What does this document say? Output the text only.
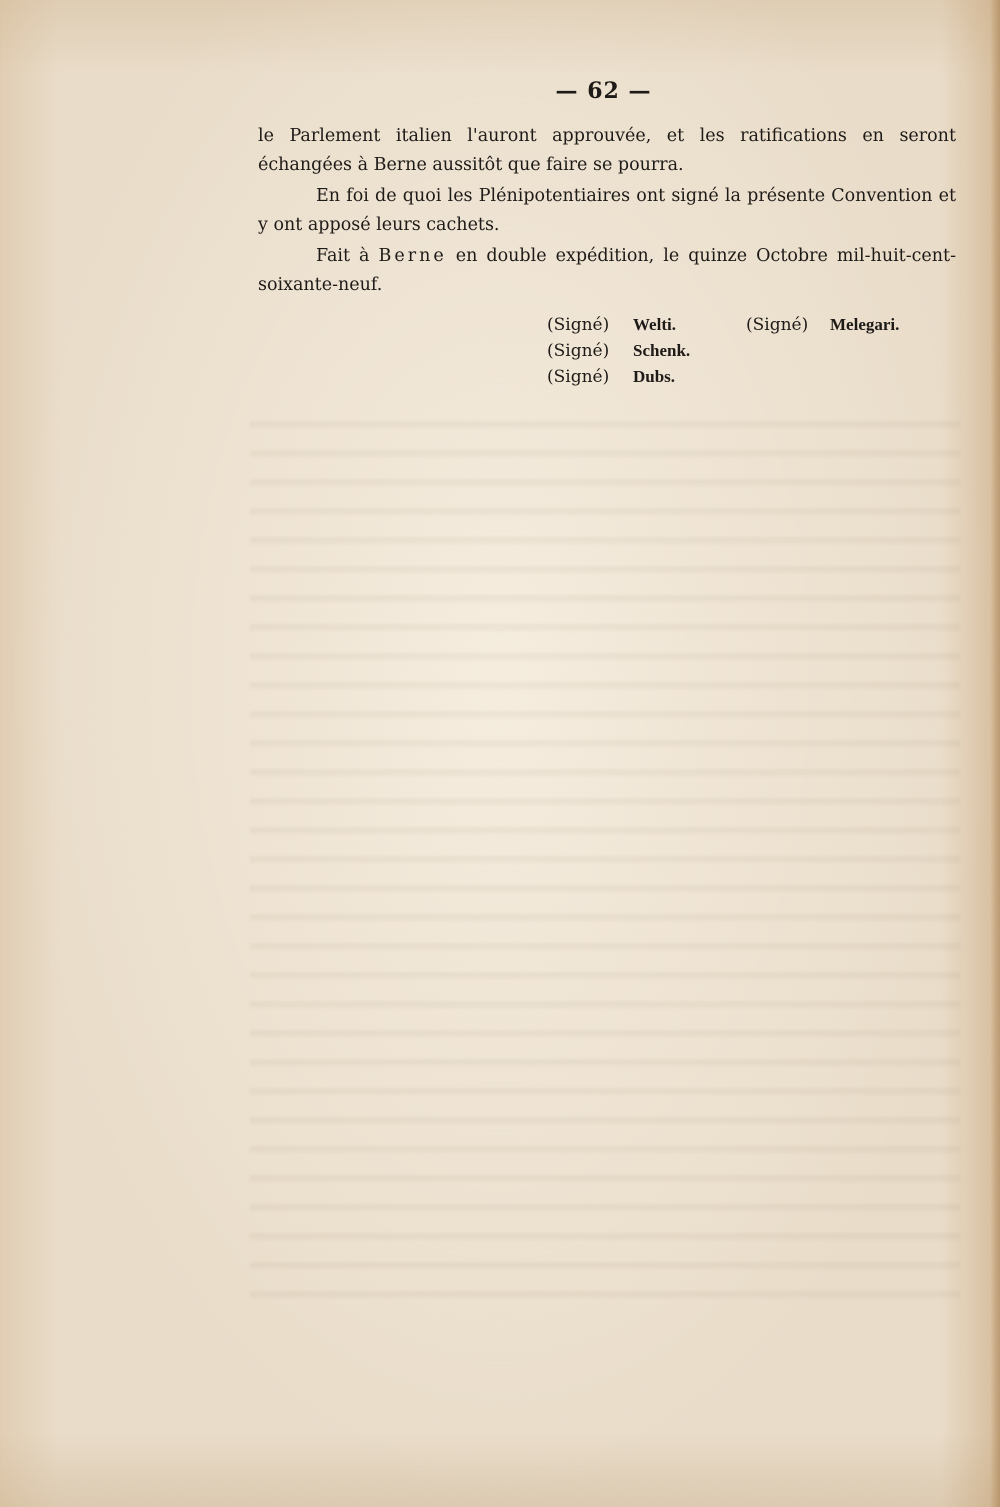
— 62 —

le Parlement italien l'auront approuvée, et les ratifications en seront échangées à Berne aussitôt que faire se pourra.

En foi de quoi les Plénipotentiaires ont signé la présente Convention et y ont apposé leurs cachets.

Fait à Berne en double expédition, le quinze Octobre mil-huit-cent-soixante-neuf.

(Signé) Welti.	(Signé) Melegari.
(Signé) Schenk.
(Signé) Dubs.
